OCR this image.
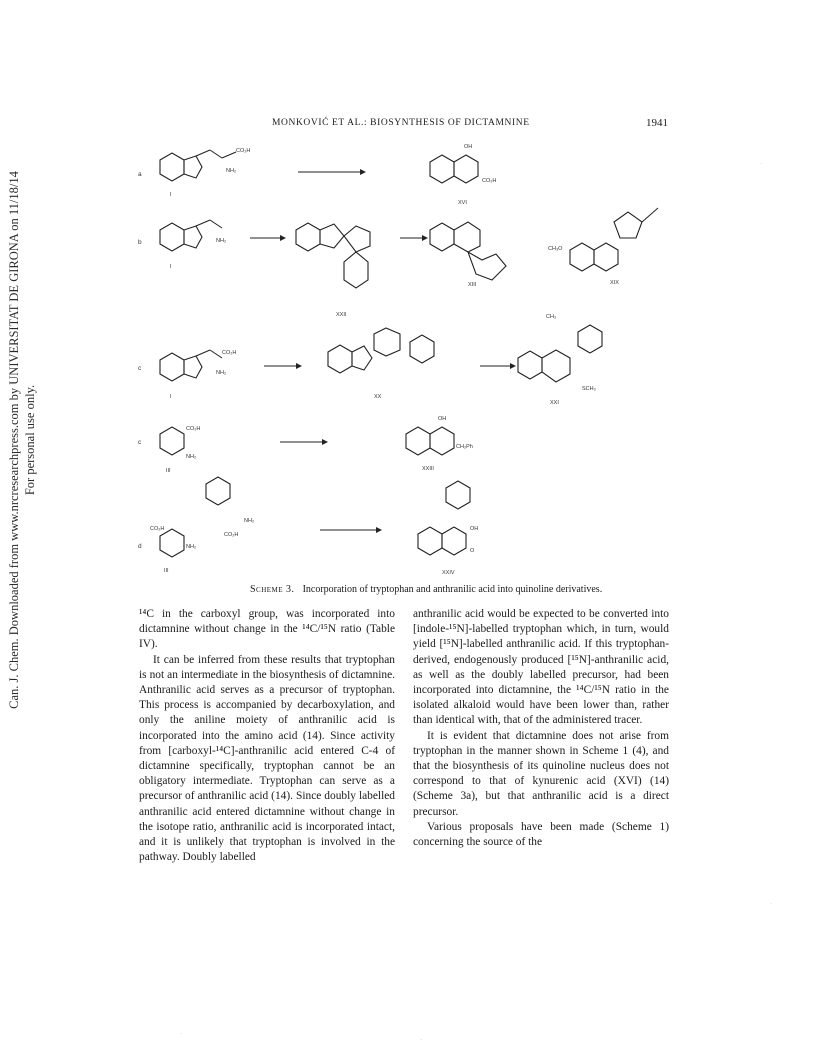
Can. J. Chem. Downloaded from www.nrcresearchpress.com by UNIVERSITAT DE GIRONA on 11/18/14 For personal use only.
MONKOVIĆ ET AL.: BIOSYNTHESIS OF DICTAMNINE	1941
a
b
c
c
d
CO₂H
NH₂
I
OH
CO₂H
XVI
NH₂
I
XXII
XIII
CH₃O
XIX
CO₂H
NH₂
I	XX
CH₃
SCH₃
XXI
CO₂H
NH₂
III
OH
CH₂Ph
XXIII
CO₂H
NH₂
NH₂
CO₂H
III
OH
O
XXIV
Scheme 3. Incorporation of tryptophan and anthranilic acid into quinoline derivatives.

¹⁴C in the carboxyl group, was incorporated into dictamnine without change in the ¹⁴C/¹⁵N ratio (Table IV).

It can be inferred from these results that tryptophan is not an intermediate in the biosynthesis of dictamnine. Anthranilic acid serves as a precursor of tryptophan. This process is accompanied by decarboxylation, and only the aniline moiety of anthranilic acid is incorporated into the amino acid (14). Since activity from [carboxyl-¹⁴C]-anthranilic acid entered C-4 of dictamnine specifically, tryptophan cannot be an obligatory intermediate. Tryptophan can serve as a precursor of anthranilic acid (14). Since doubly labelled anthranilic acid entered dictamnine without change in the isotope ratio, anthranilic acid is incorporated intact, and it is unlikely that tryptophan is involved in the pathway. Doubly labelled

anthranilic acid would be expected to be converted into [indole-¹⁵N]-labelled tryptophan which, in turn, would yield [¹⁵N]-labelled anthranilic acid. If this tryptophan-derived, endogenously produced [¹⁵N]-anthranilic acid, as well as the doubly labelled precursor, had been incorporated into dictamnine, the ¹⁴C/¹⁵N ratio in the isolated alkaloid would have been lower than, rather than identical with, that of the administered tracer.

It is evident that dictamnine does not arise from tryptophan in the manner shown in Scheme 1 (4), and that the biosynthesis of its quinoline nucleus does not correspond to that of kynurenic acid (XVI) (14) (Scheme 3a), but that anthranilic acid is a direct precursor.

Various proposals have been made (Scheme 1) concerning the source of the

·
·
·
·
